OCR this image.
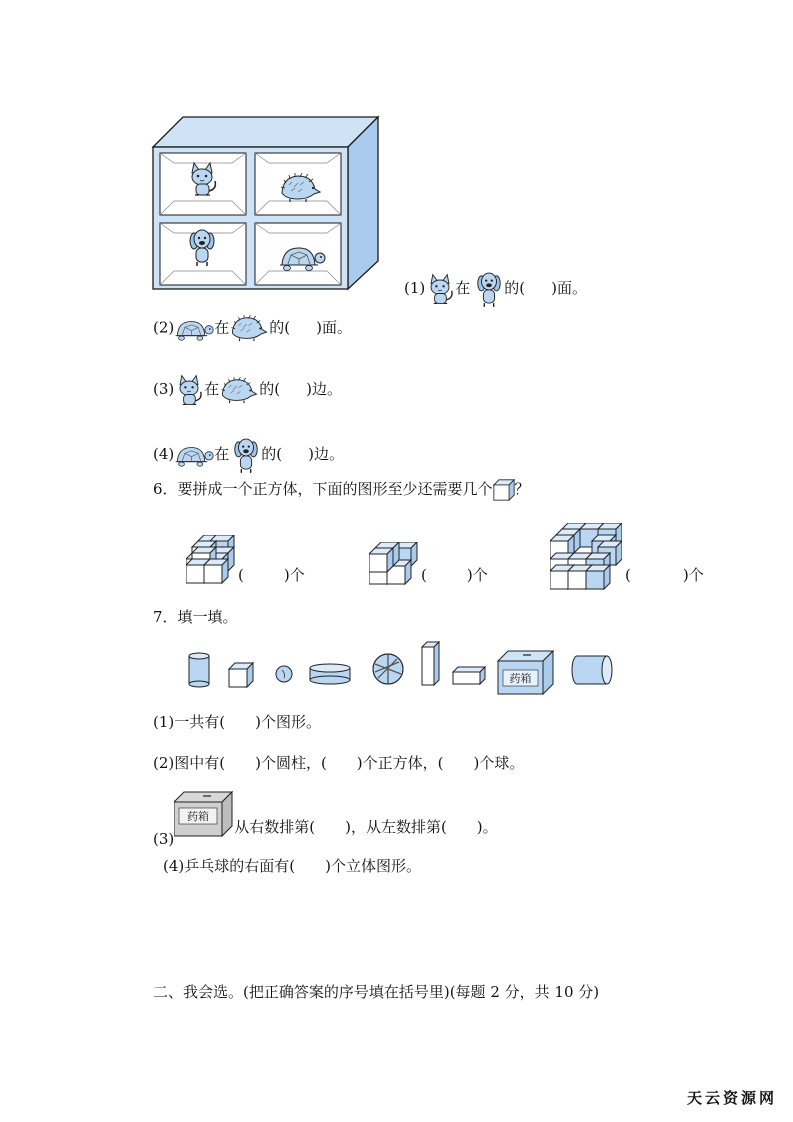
(1) 在 的( )面。
(2)	在	的( )面。
(3) 在	的( )边。
(4)	在 的( )边。
6．要拼成一个正方体，下面的图形至少还需要几个 ？
(	)个	(	)个	(	)个
7．填一填。
药箱
(1)一共有(　　)个图形。
(2)图中有(　　)个圆柱，(　　)个正方体，(　　)个球。
(3)
药箱
从右数排第(　　)，从左数排第(　　)。
(4)乒乓球的右面有(　　)个立体图形。
二、我会选。(把正确答案的序号填在括号里)(每题 2 分，共 10 分)
天云资源网
